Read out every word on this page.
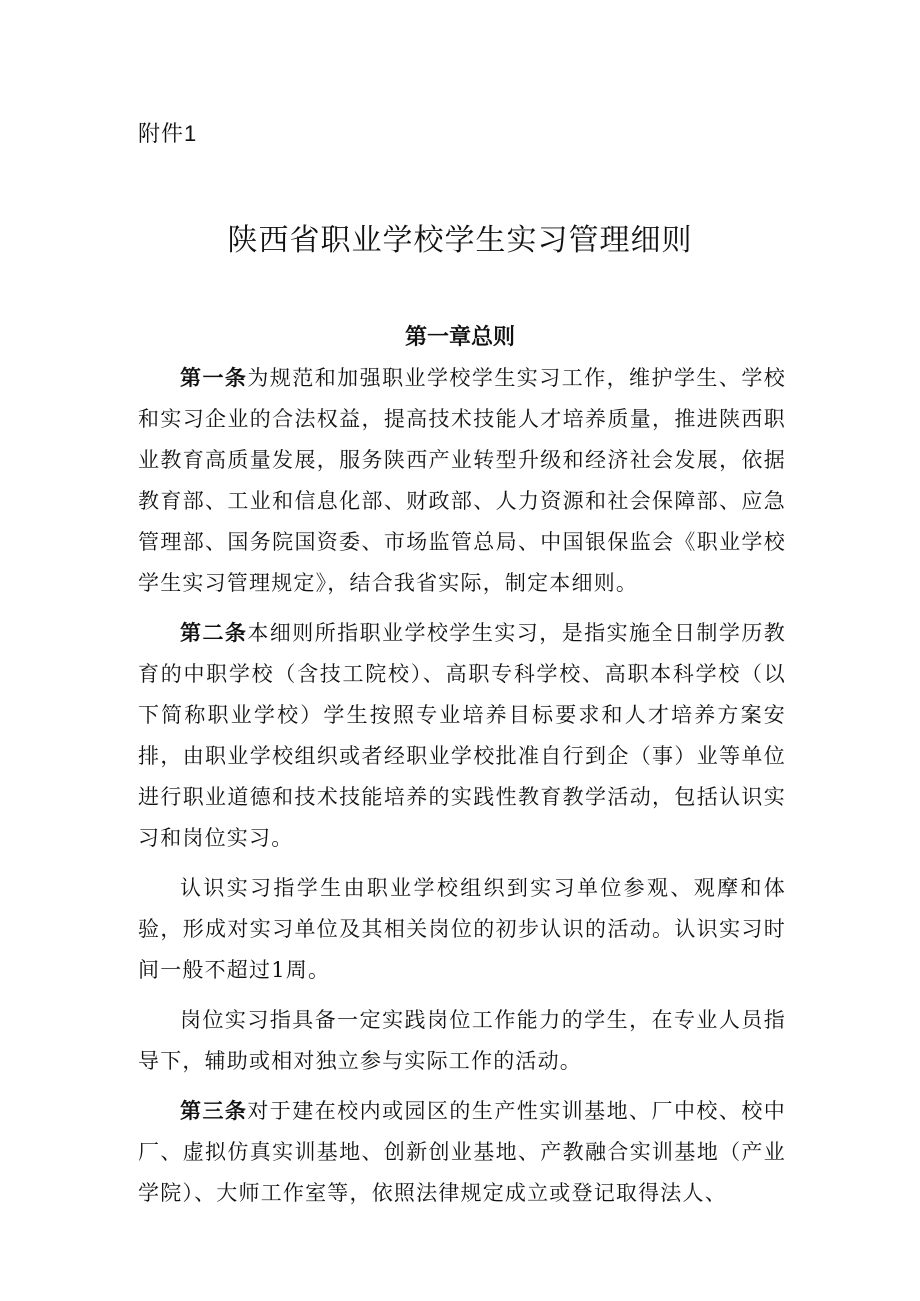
附件1

陕西省职业学校学生实习管理细则
第一章总则

第一条为规范和加强职业学校学生实习工作，维护学生、学校和实习企业的合法权益，提高技术技能人才培养质量，推进陕西职业教育高质量发展，服务陕西产业转型升级和经济社会发展，依据教育部、工业和信息化部、财政部、人力资源和社会保障部、应急管理部、国务院国资委、市场监管总局、中国银保监会《职业学校学生实习管理规定》，结合我省实际，制定本细则。

第二条本细则所指职业学校学生实习，是指实施全日制学历教育的中职学校（含技工院校）、高职专科学校、高职本科学校（以下简称职业学校）学生按照专业培养目标要求和人才培养方案安排，由职业学校组织或者经职业学校批准自行到企（事）业等单位进行职业道德和技术技能培养的实践性教育教学活动，包括认识实习和岗位实习。

认识实习指学生由职业学校组织到实习单位参观、观摩和体验，形成对实习单位及其相关岗位的初步认识的活动。认识实习时间一般不超过1周。

岗位实习指具备一定实践岗位工作能力的学生，在专业人员指导下，辅助或相对独立参与实际工作的活动。

第三条对于建在校内或园区的生产性实训基地、厂中校、校中厂、虚拟仿真实训基地、创新创业基地、产教融合实训基地（产业学院）、大师工作室等，依照法律规定成立或登记取得法人、
